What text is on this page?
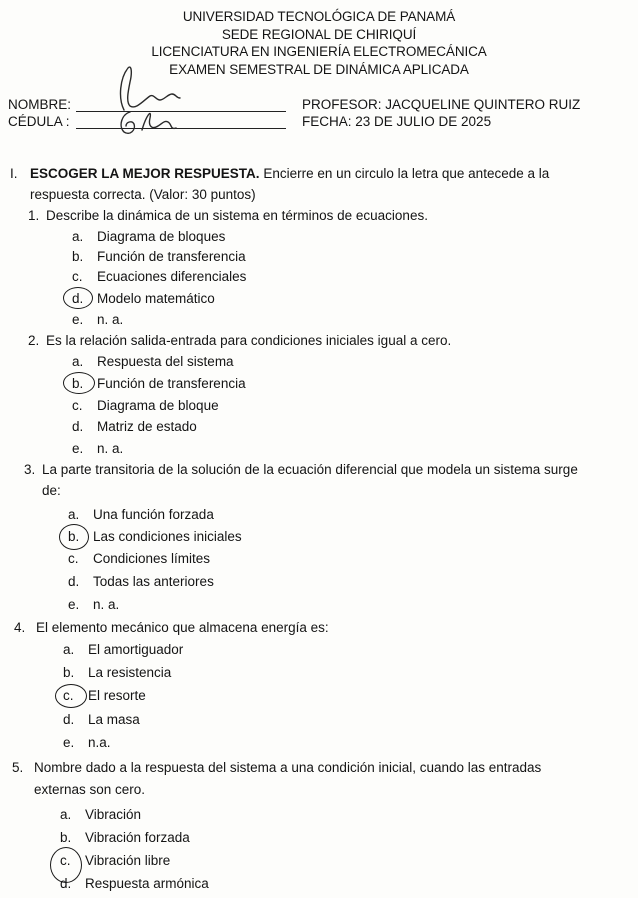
UNIVERSIDAD TECNOLÓGICA DE PANAMÁ
SEDE REGIONAL DE CHIRIQUÍ
LICENCIATURA EN INGENIERÍA ELECTROMECÁNICA
EXAMEN SEMESTRAL DE DINÁMICA APLICADA
NOMBRE:
CÉDULA :
PROFESOR: JACQUELINE QUINTERO RUIZ
FECHA: 23 DE JULIO DE 2025
I. ESCOGER LA MEJOR RESPUESTA. Encierre en un circulo la letra que antecede a la respuesta correcta. (Valor: 30 puntos)
1. Describe la dinámica de un sistema en términos de ecuaciones.
a. Diagrama de bloques
b. Función de transferencia
c. Ecuaciones diferenciales
d. Modelo matemático
e. n. a.
2. Es la relación salida-entrada para condiciones iniciales igual a cero.
a. Respuesta del sistema
b. Función de transferencia
c. Diagrama de bloque
d. Matriz de estado
e. n. a.
3. La parte transitoria de la solución de la ecuación diferencial que modela un sistema surge de:
a. Una función forzada
b. Las condiciones iniciales
c. Condiciones límites
d. Todas las anteriores
e. n. a.
4. El elemento mecánico que almacena energía es:
a. El amortiguador
b. La resistencia
c. El resorte
d. La masa
e. n.a.
5. Nombre dado a la respuesta del sistema a una condición inicial, cuando las entradas externas son cero.
a. Vibración
b. Vibración forzada
c. Vibración libre
d. Respuesta armónica
